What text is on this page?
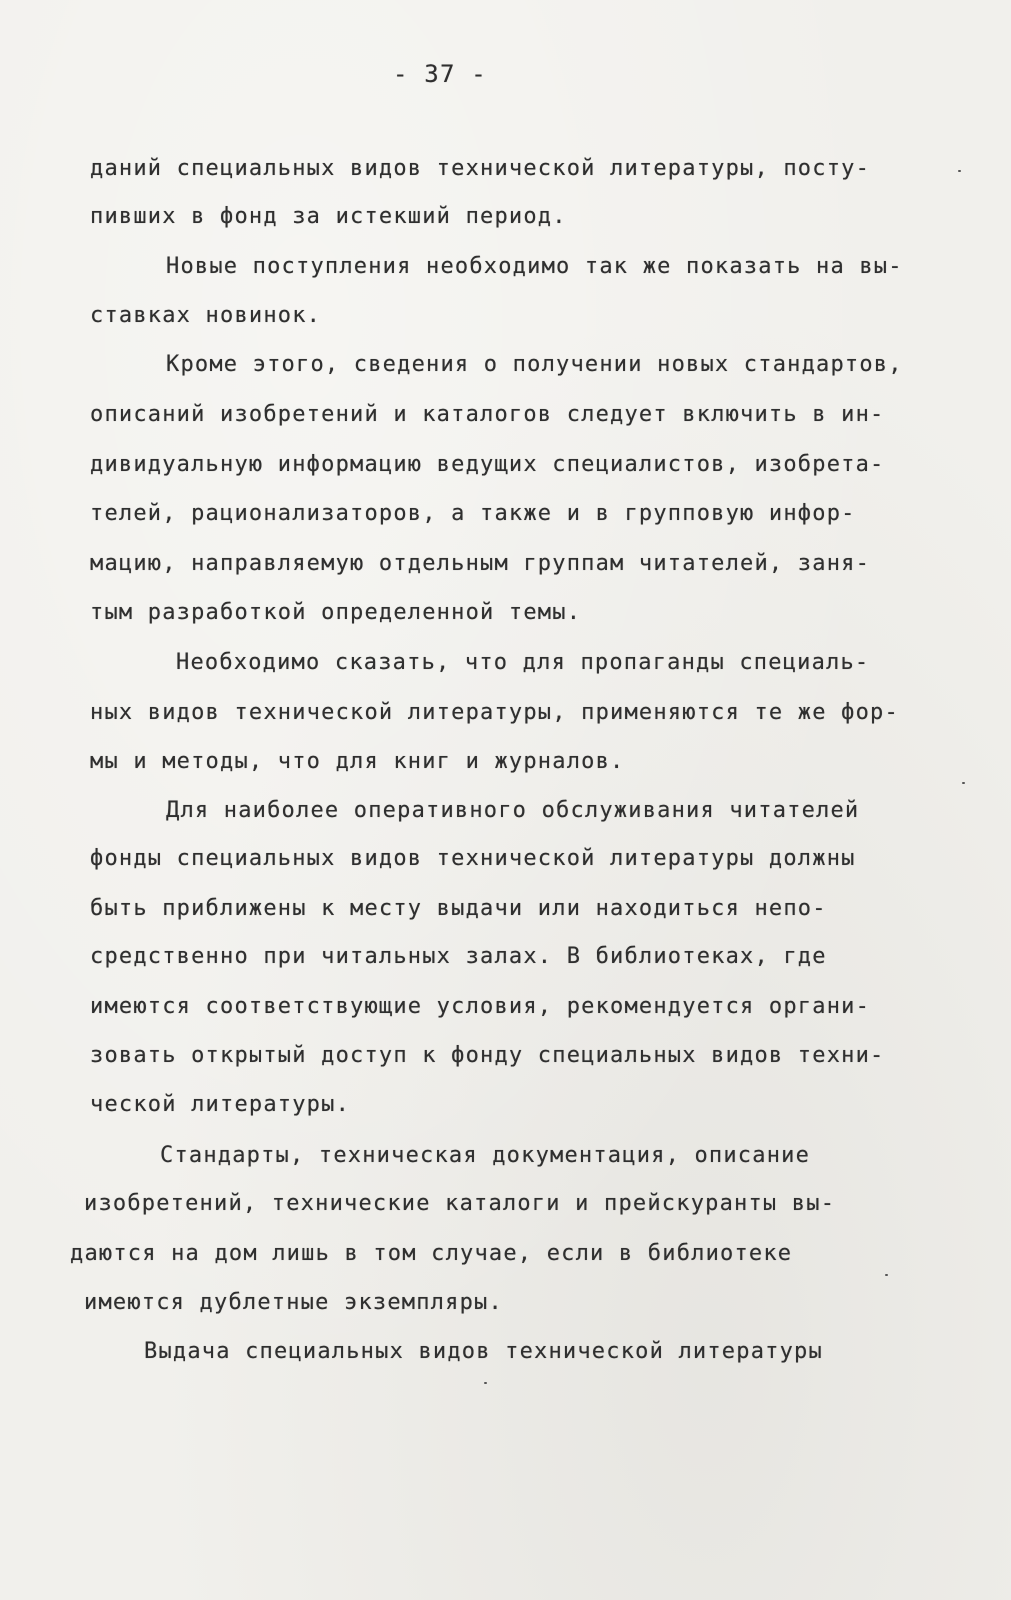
- 37 -
даний специальных видов технической литературы, посту-
пивших в фонд за истекший период.
Новые поступления необходимо так же показать на вы-
ставках новинок.
Кроме этого, сведения о получении новых стандартов,
описаний изобретений и каталогов следует включить в ин-
дивидуальную информацию ведущих специалистов, изобрета-
телей, рационализаторов, а также и в групповую инфор-
мацию, направляемую отдельным группам читателей, заня-
тым разработкой определенной темы.
Необходимо сказать, что для пропаганды специаль-
ных видов технической литературы, применяются те же фор-
мы и методы, что для книг и журналов.
Для наиболее оперативного обслуживания читателей
фонды специальных видов технической литературы должны
быть приближены к месту выдачи или находиться непо-
средственно при читальных залах. В библиотеках, где
имеются соответствующие условия, рекомендуется органи-
зовать открытый доступ к фонду специальных видов техни-
ческой литературы.
Стандарты, техническая документация, описание
изобретений, технические каталоги и прейскуранты вы-
даются на дом лишь в том случае, если в библиотеке
имеются дублетные экземпляры.
Выдача специальных видов технической литературы
